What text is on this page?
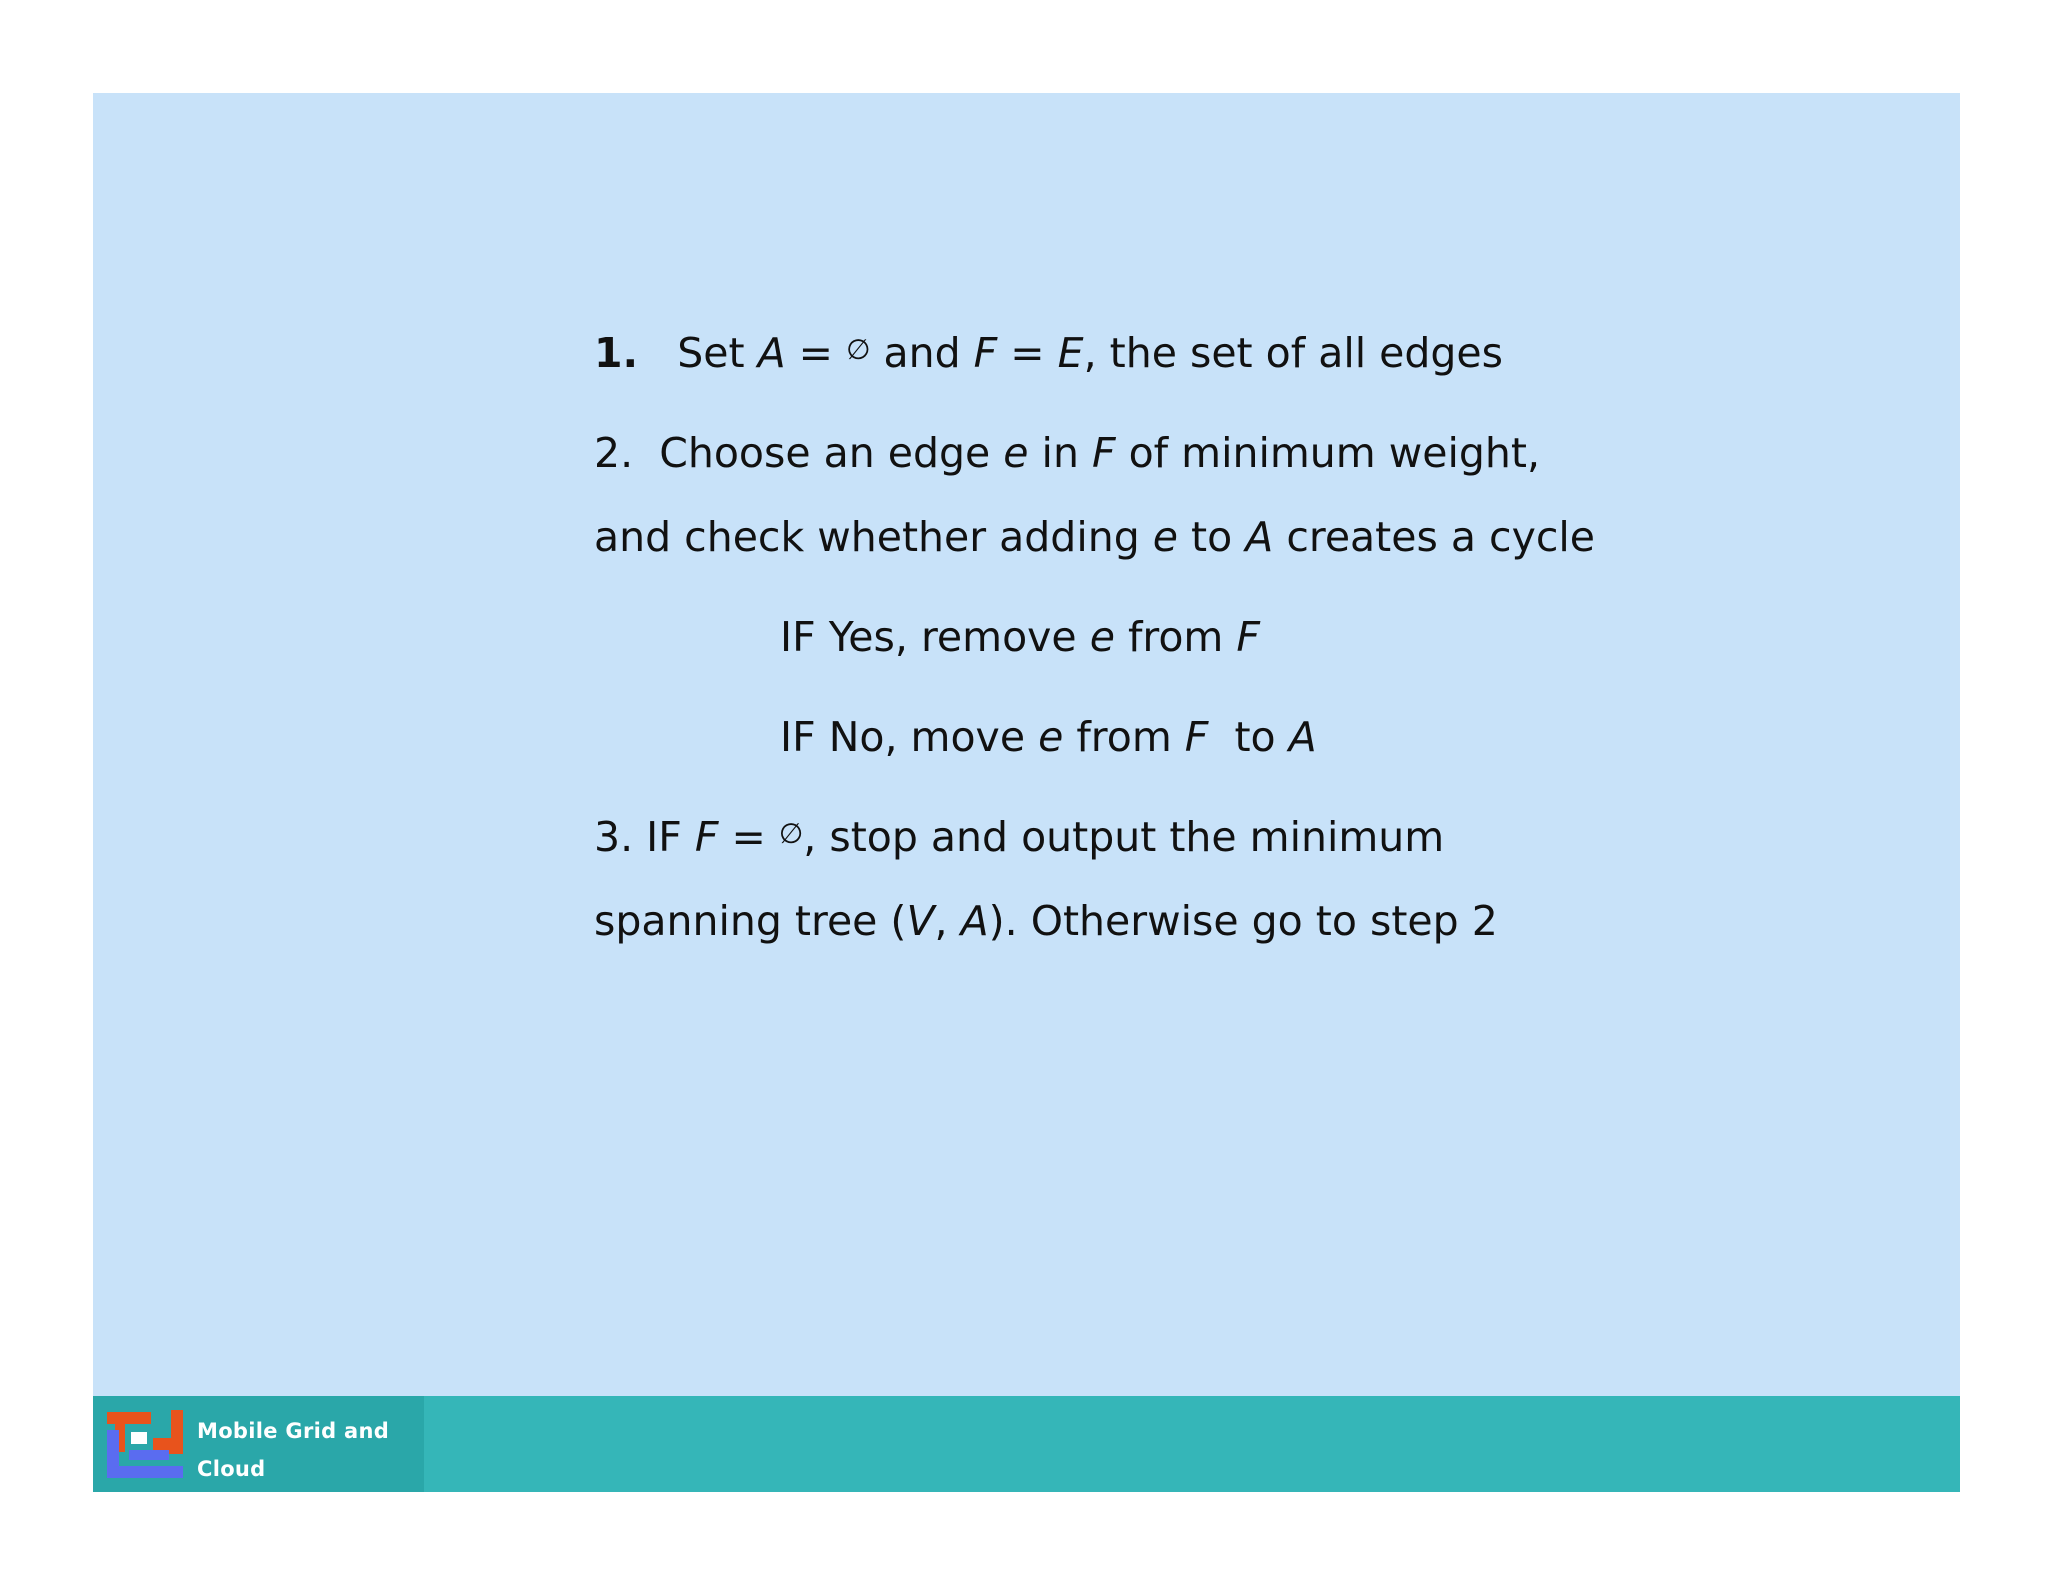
1. Set A = ∅ and F = E, the set of all edges
2. Choose an edge e in F of minimum weight,
and check whether adding e to A creates a cycle
IF Yes, remove e from F
IF No, move e from F  to A
3. IF F = ∅, stop and output the minimum
spanning tree (V, A). Otherwise go to step 2
Mobile Grid and Cloud
Computing Laboratory
